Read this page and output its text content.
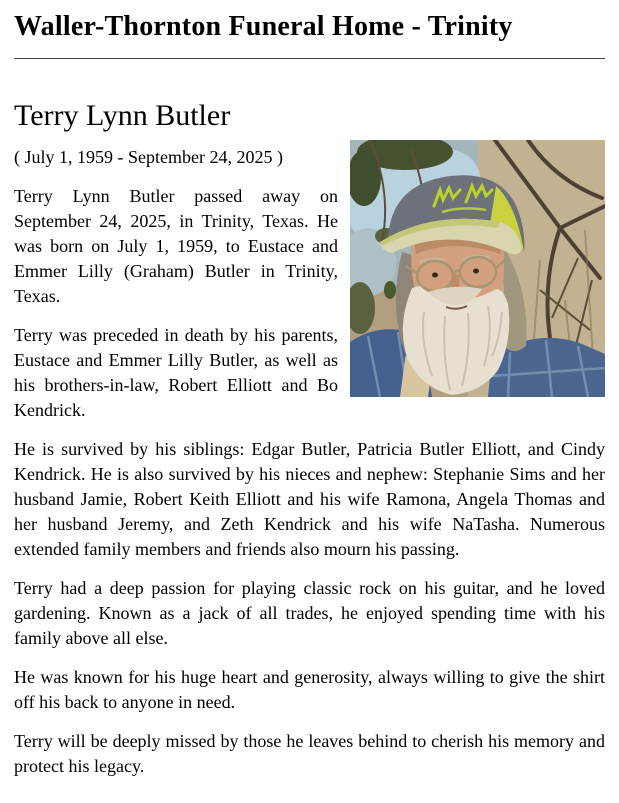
Waller-Thornton Funeral Home - Trinity
Terry Lynn Butler

( July 1, 1959 - September 24, 2025 )

Terry Lynn Butler passed away on September 24, 2025, in Trinity, Texas. He was born on July 1, 1959, to Eustace and Emmer Lilly (Graham) Butler in Trinity, Texas.

Terry was preceded in death by his parents, Eustace and Emmer Lilly Butler, as well as his brothers-in-law, Robert Elliott and Bo Kendrick.

He is survived by his siblings: Edgar Butler, Patricia Butler Elliott, and Cindy Kendrick. He is also survived by his nieces and nephew: Stephanie Sims and her husband Jamie, Robert Keith Elliott and his wife Ramona, Angela Thomas and her husband Jeremy, and Zeth Kendrick and his wife NaTasha. Numerous extended family members and friends also mourn his passing.

Terry had a deep passion for playing classic rock on his guitar, and he loved gardening. Known as a jack of all trades, he enjoyed spending time with his family above all else.

He was known for his huge heart and generosity, always willing to give the shirt off his back to anyone in need.

Terry will be deeply missed by those he leaves behind to cherish his memory and protect his legacy.
